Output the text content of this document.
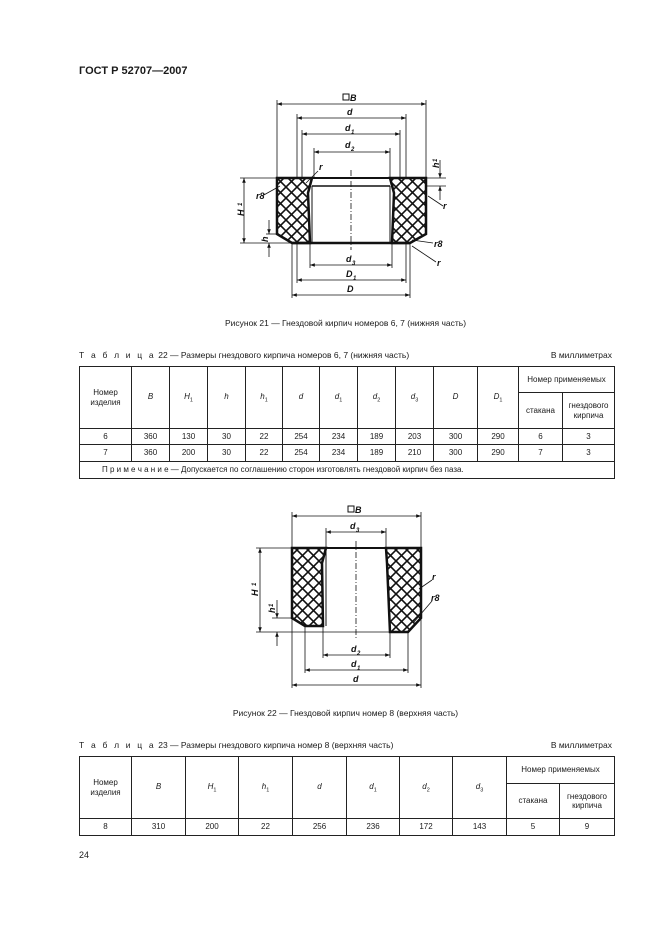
ГОСТ Р 52707—2007
B
d
d 1
d 2
d 3
D 1
D
H
1
h
h
1
r8
r
r
r8
r
B
d 3
d 2
d 1
d
H
1
h
1
r
r8
Рисунок 21 — Гнездовой кирпич номеров 6, 7 (нижняя часть)
Т а б л и ц а 22 — Размеры гнездового кирпича номеров 6, 7 (нижняя часть)	В миллиметрах
Номер изделия	B	$H_1$	h	$h_1$	d	$d_1$	$d_2$	$d_3$	D	$D_1$	Номер применяемых	
											стакана	гнездового кирпича
6	360	130	30	22	254	234	189	203	300	290	6	3
7	360	200	30	22	254	234	189	210	300	290	7	3
П р и м е ч а н и е — Допускается по соглашению сторон изготовлять гнездовой кирпич без паза.												
Рисунок 22 — Гнездовой кирпич номер 8 (верхняя часть)
Т а б л и ц а 23 — Размеры гнездового кирпича номер 8 (верхняя часть)	В миллиметрах
Номер изделия	B	$H_1$	$h_1$	d	$d_1$	$d_2$	$d_3$	Номер применяемых	
								стакана	гнездового кирпича
8	310	200	22	256	236	172	143	5	9
24
